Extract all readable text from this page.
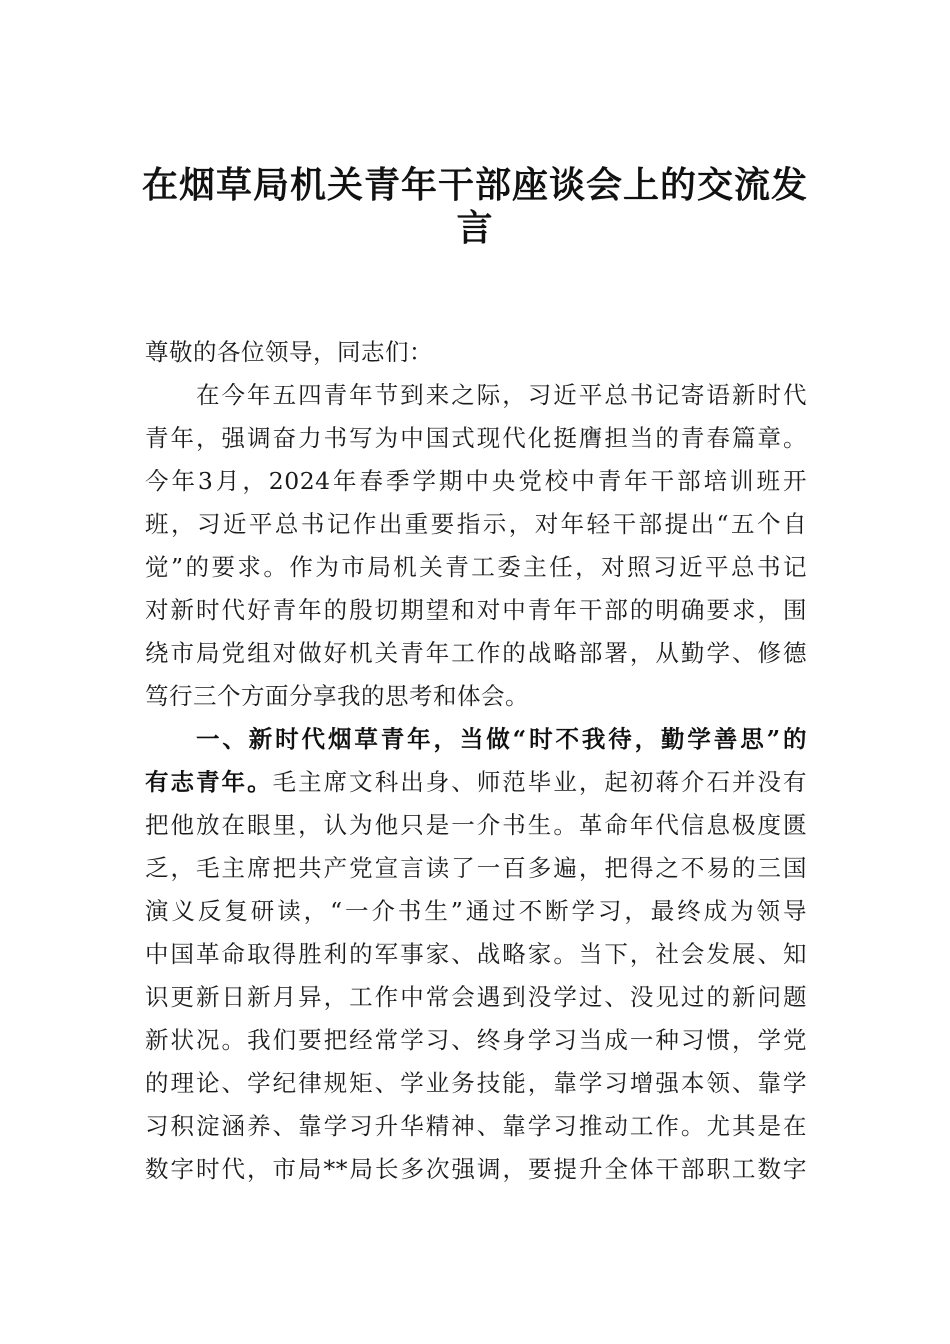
在烟草局机关青年干部座谈会上的交流发
言
尊敬的各位领导，同志们：
在今年五四青年节到来之际，习近平总书记寄语新时代
青年，强调奋力书写为中国式现代化挺膺担当的青春篇章。
今年3月，2024年春季学期中央党校中青年干部培训班开
班，习近平总书记作出重要指示，对年轻干部提出“五个自
觉”的要求。作为市局机关青工委主任，对照习近平总书记
对新时代好青年的殷切期望和对中青年干部的明确要求，围
绕市局党组对做好机关青年工作的战略部署，从勤学、修德
笃行三个方面分享我的思考和体会。
一、新时代烟草青年，当做“时不我待，勤学善思”的
有志青年。毛主席文科出身、师范毕业，起初蒋介石并没有
把他放在眼里，认为他只是一介书生。革命年代信息极度匮
乏，毛主席把共产党宣言读了一百多遍，把得之不易的三国
演义反复研读，“一介书生”通过不断学习，最终成为领导
中国革命取得胜利的军事家、战略家。当下，社会发展、知
识更新日新月异，工作中常会遇到没学过、没见过的新问题
新状况。我们要把经常学习、终身学习当成一种习惯，学党
的理论、学纪律规矩、学业务技能，靠学习增强本领、靠学
习积淀涵养、靠学习升华精神、靠学习推动工作。尤其是在
数字时代，市局**局长多次强调，要提升全体干部职工数字
